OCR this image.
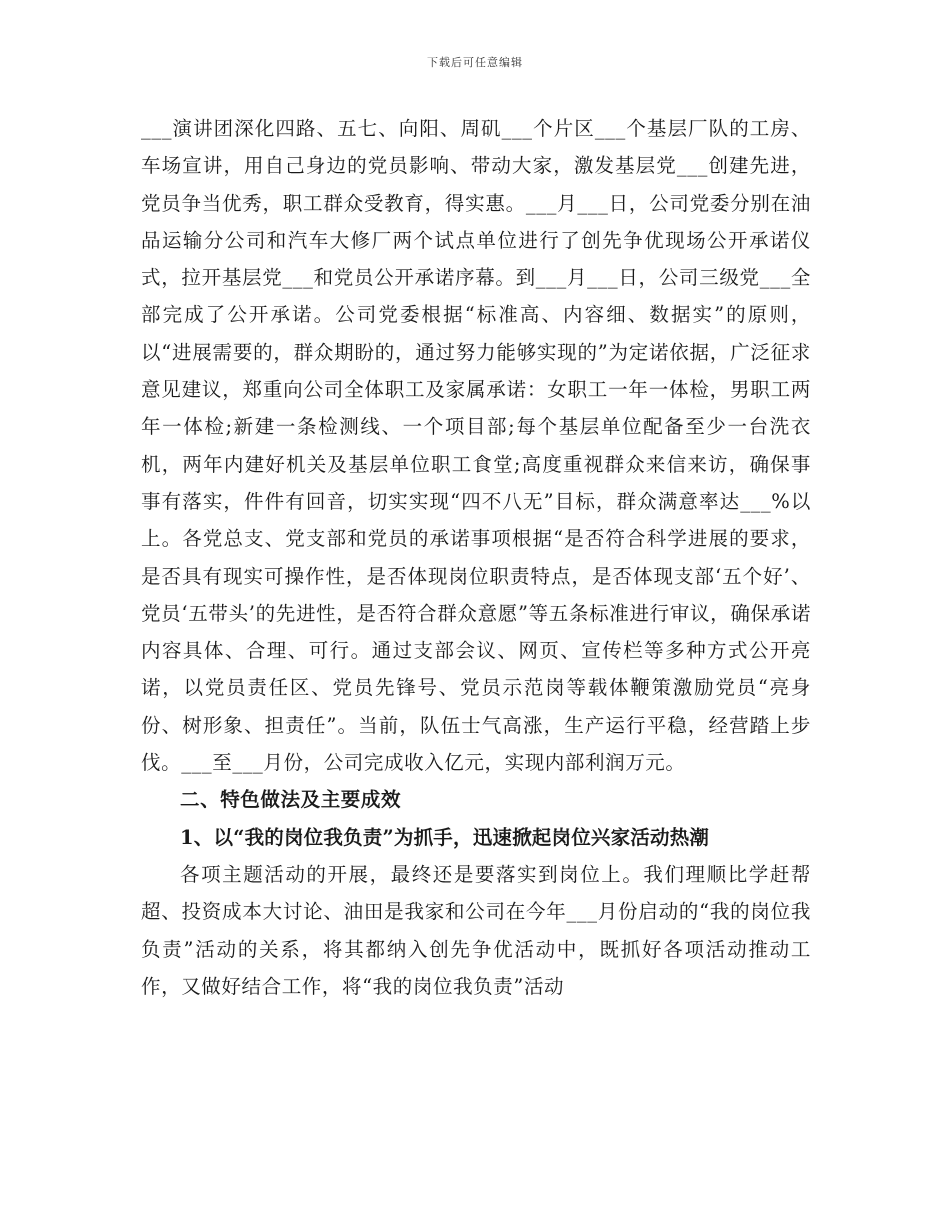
下载后可任意编辑

___演讲团深化四路、五七、向阳、周矶___个片区___个基层厂队的工房、车场宣讲，用自己身边的党员影响、带动大家，激发基层党___创建先进，党员争当优秀，职工群众受教育，得实惠。___月___日，公司党委分别在油品运输分公司和汽车大修厂两个试点单位进行了创先争优现场公开承诺仪式，拉开基层党___和党员公开承诺序幕。到___月___日，公司三级党___全部完成了公开承诺。公司党委根据“标准高、内容细、数据实”的原则，以“进展需要的，群众期盼的，通过努力能够实现的”为定诺依据，广泛征求意见建议，郑重向公司全体职工及家属承诺：女职工一年一体检，男职工两年一体检;新建一条检测线、一个项目部;每个基层单位配备至少一台洗衣机，两年内建好机关及基层单位职工食堂;高度重视群众来信来访，确保事事有落实，件件有回音，切实实现“四不八无”目标，群众满意率达___%以上。各党总支、党支部和党员的承诺事项根据“是否符合科学进展的要求，是否具有现实可操作性，是否体现岗位职责特点，是否体现支部‘五个好’、党员‘五带头’的先进性，是否符合群众意愿”等五条标准进行审议，确保承诺内容具体、合理、可行。通过支部会议、网页、宣传栏等多种方式公开亮诺，以党员责任区、党员先锋号、党员示范岗等载体鞭策激励党员“亮身份、树形象、担责任”。当前，队伍士气高涨，生产运行平稳，经营踏上步伐。___至___月份，公司完成收入亿元，实现内部利润万元。

二、特色做法及主要成效

1、以“我的岗位我负责”为抓手，迅速掀起岗位兴家活动热潮

各项主题活动的开展，最终还是要落实到岗位上。我们理顺比学赶帮超、投资成本大讨论、油田是我家和公司在今年___月份启动的“我的岗位我负责”活动的关系，将其都纳入创先争优活动中，既抓好各项活动推动工作，又做好结合工作，将“我的岗位我负责”活动
